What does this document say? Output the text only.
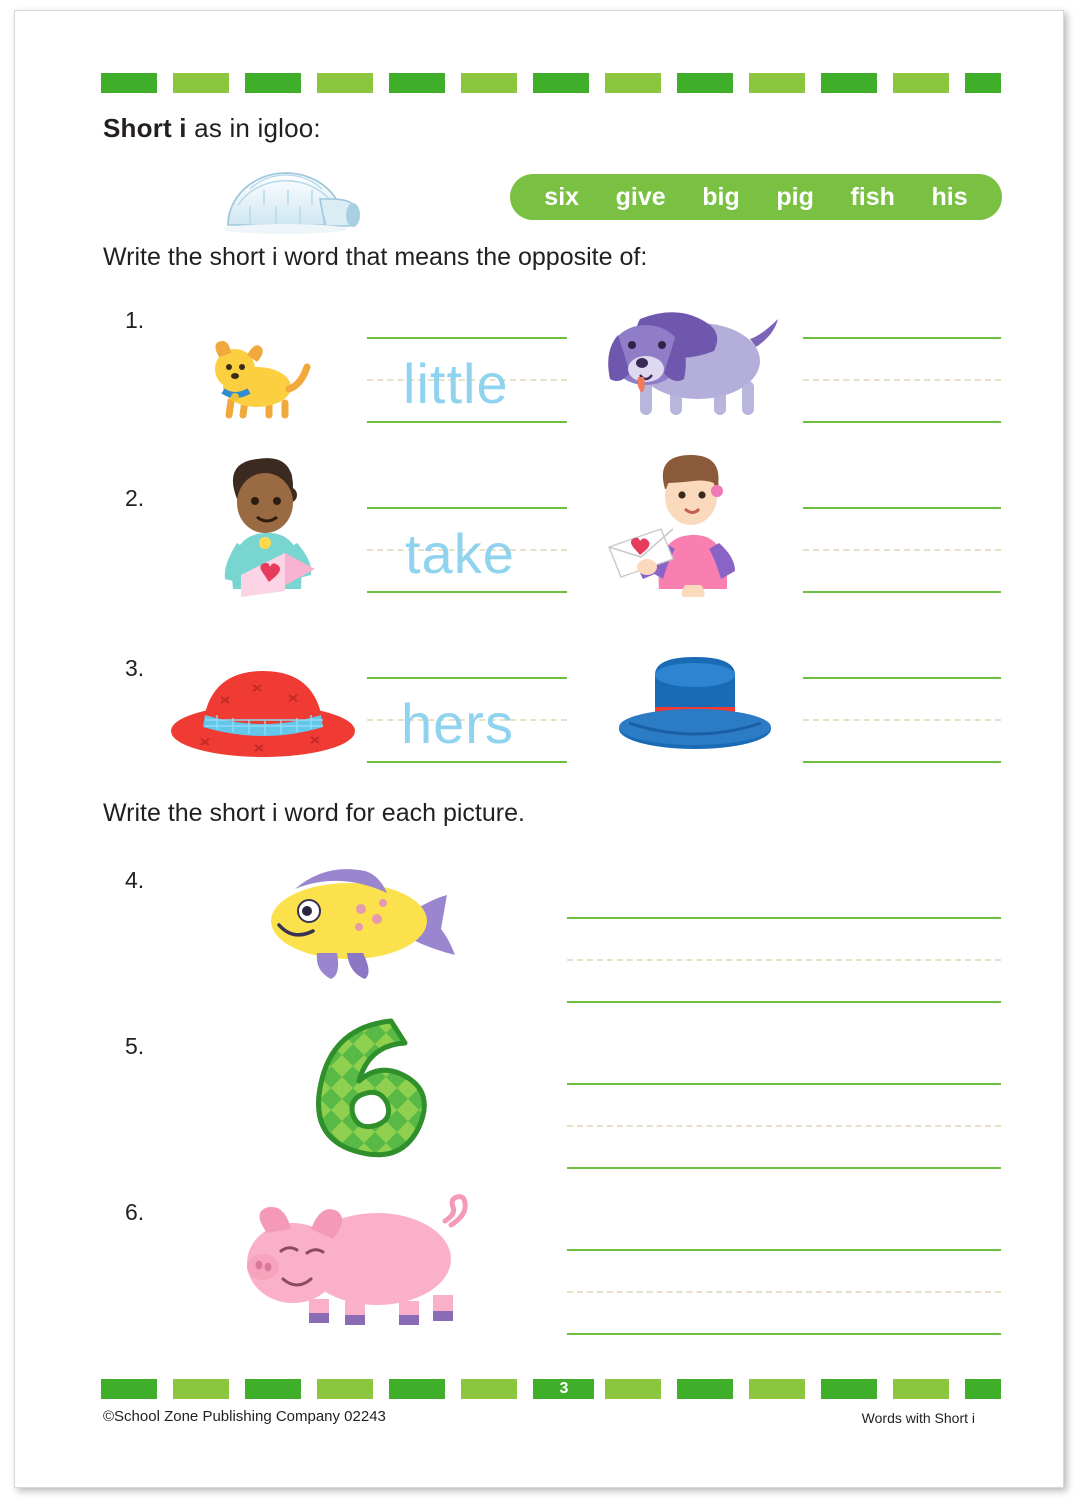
Short i as in igloo:
six give big pig fish his
Write the short i word that means the opposite of:
1.
little
2.
take
3.
hers
Write the short i word for each picture.
4.
5.
6.
3
©School Zone Publishing Company 02243	Words with Short i
